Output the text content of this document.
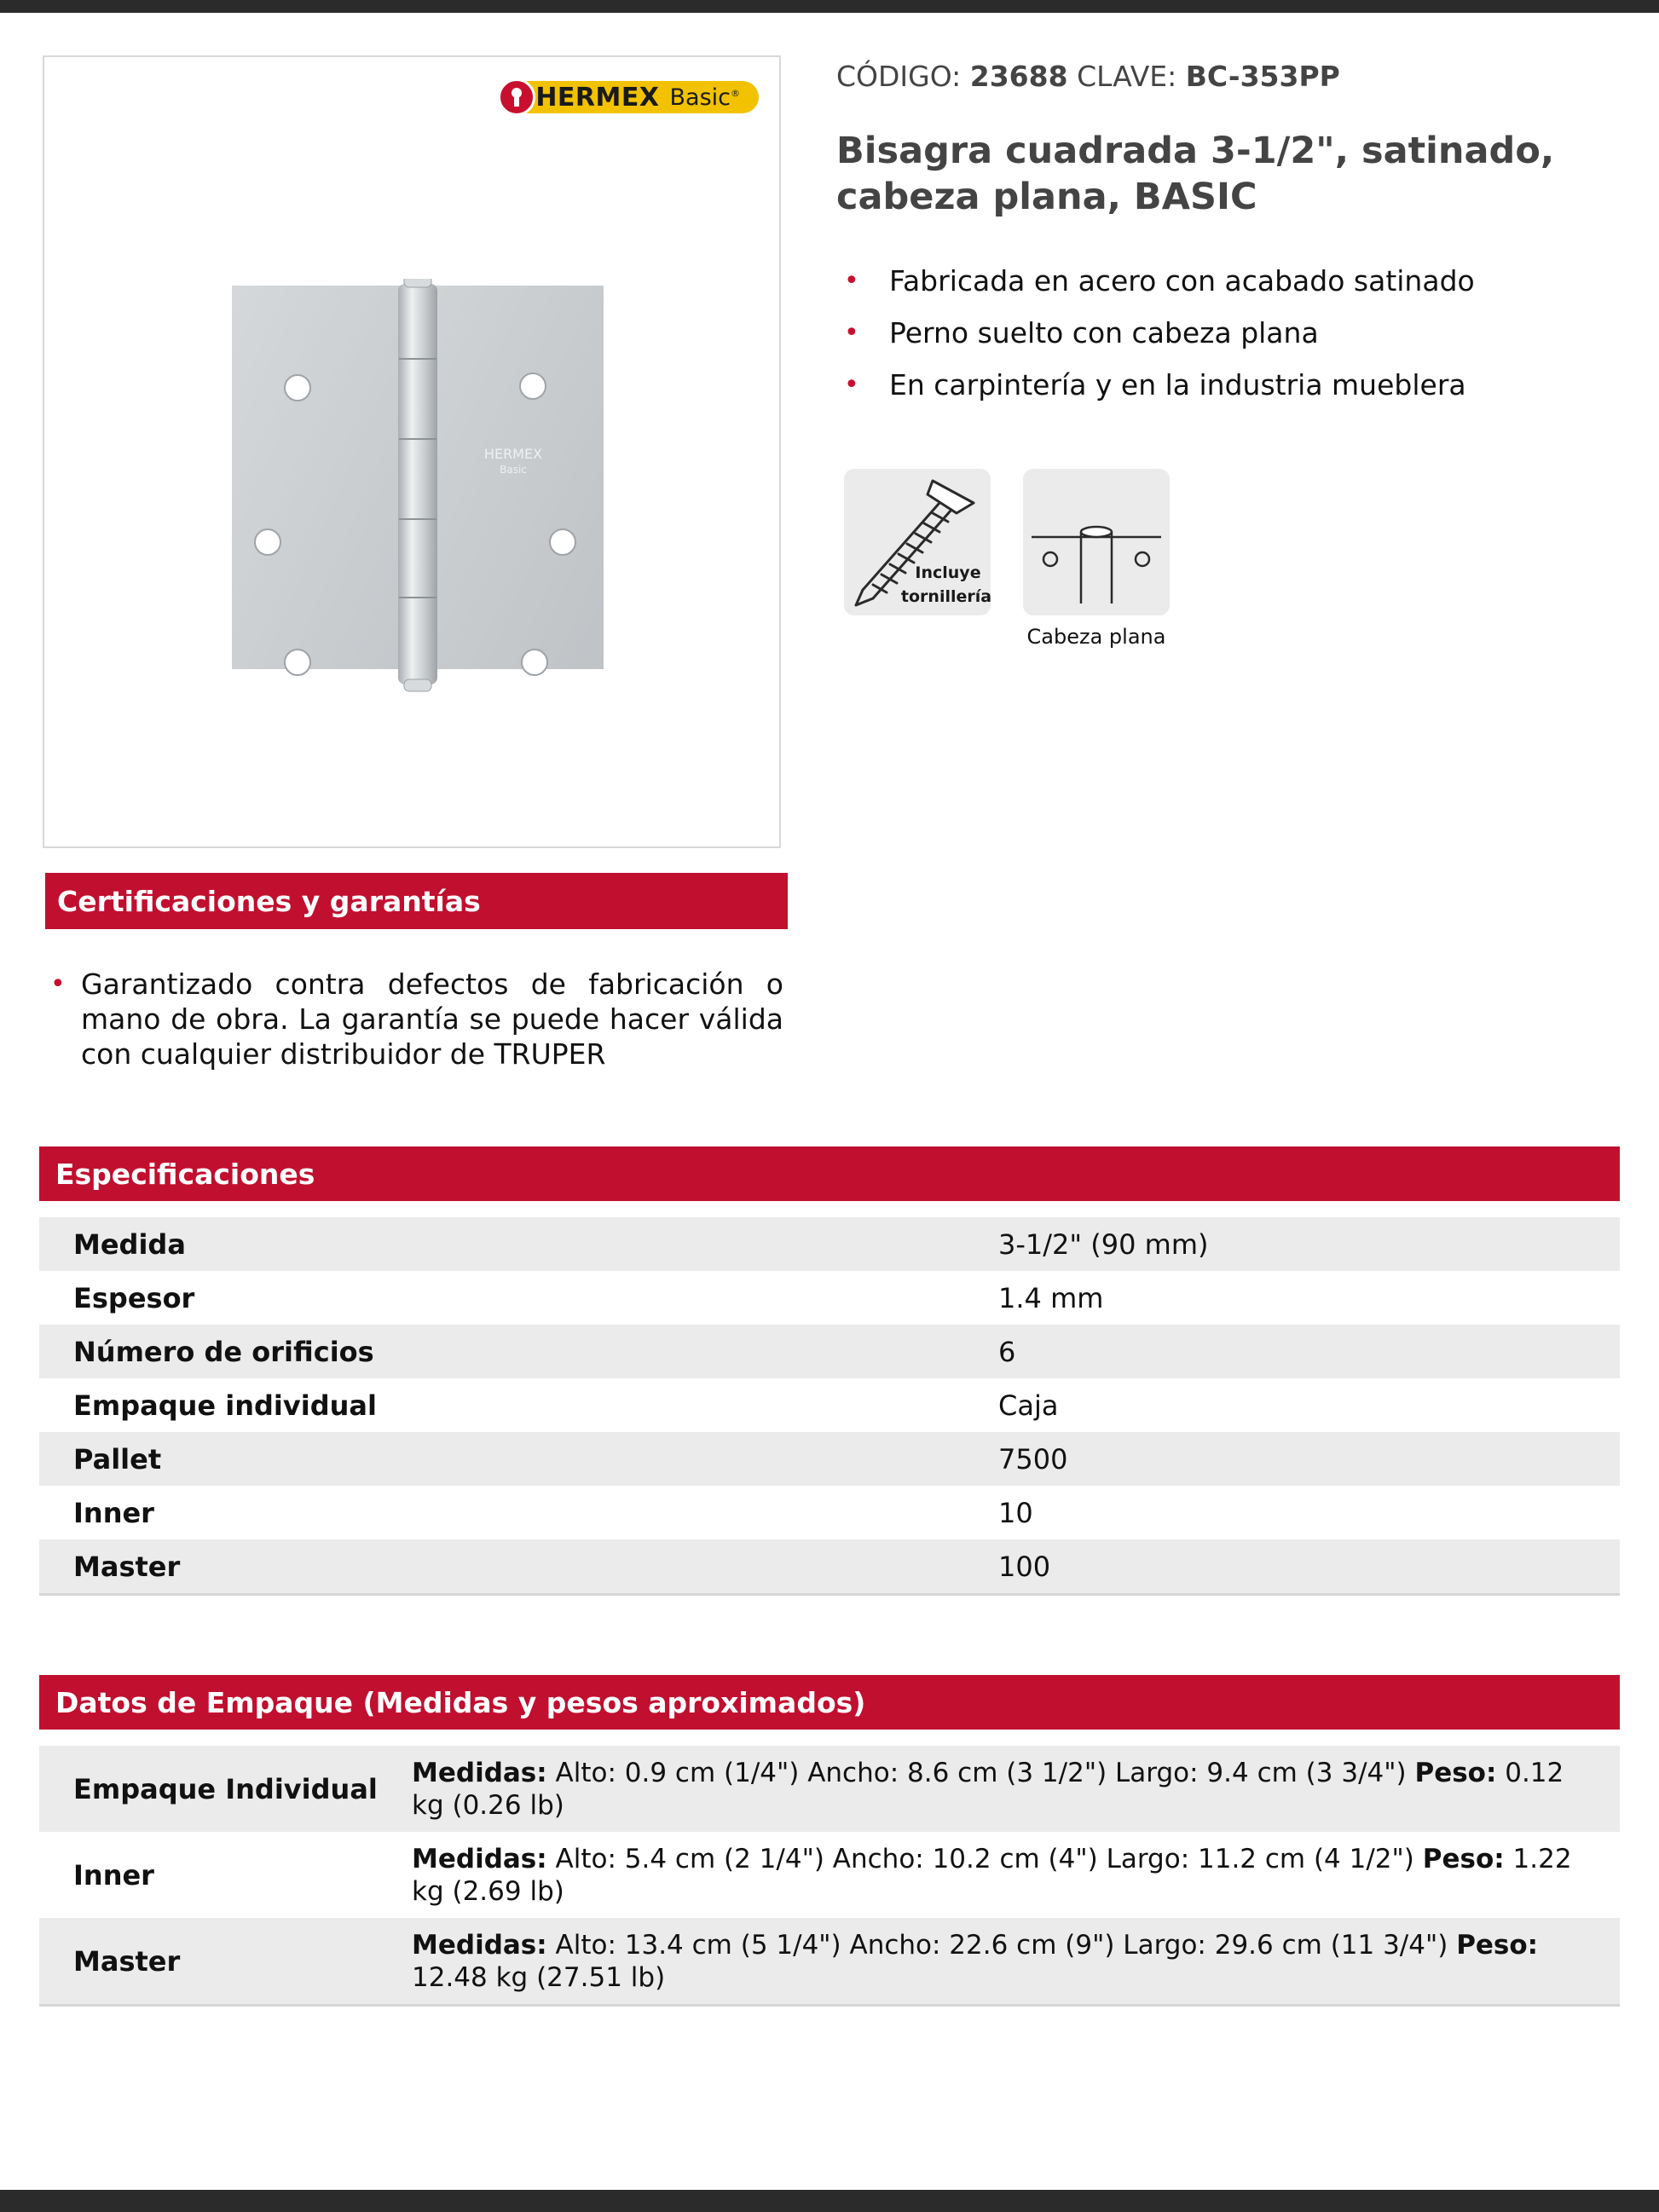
HERMEX Basic®
HERMEX
Basic
CÓDIGO: 23688 CLAVE: BC-353PP
Bisagra cuadrada 3-1/2", satinado, cabeza plana, BASIC
• Fabricada en acero con acabado satinado
• Perno suelto con cabeza plana
• En carpintería y en la industria mueblera
Incluye
tornillería
Cabeza plana
Certificaciones y garantías
• Garantizado contra defectos de fabricación o mano de obra. La garantía se puede hacer válida con cualquier distribuidor de TRUPER
Especificaciones
Medida	3-1/2" (90 mm)
Espesor	1.4 mm
Número de orificios	6
Empaque individual	Caja
Pallet	7500
Inner	10
Master	100
Datos de Empaque (Medidas y pesos aproximados)
Empaque Individual	Medidas: Alto: 0.9 cm (1/4") Ancho: 8.6 cm (3 1/2") Largo: 9.4 cm (3 3/4") Peso: 0.12 kg (0.26 lb)
Inner	Medidas: Alto: 5.4 cm (2 1/4") Ancho: 10.2 cm (4") Largo: 11.2 cm (4 1/2") Peso: 1.22 kg (2.69 lb)
Master	Medidas: Alto: 13.4 cm (5 1/4") Ancho: 22.6 cm (9") Largo: 29.6 cm (11 3/4") Peso: 12.48 kg (27.51 lb)
